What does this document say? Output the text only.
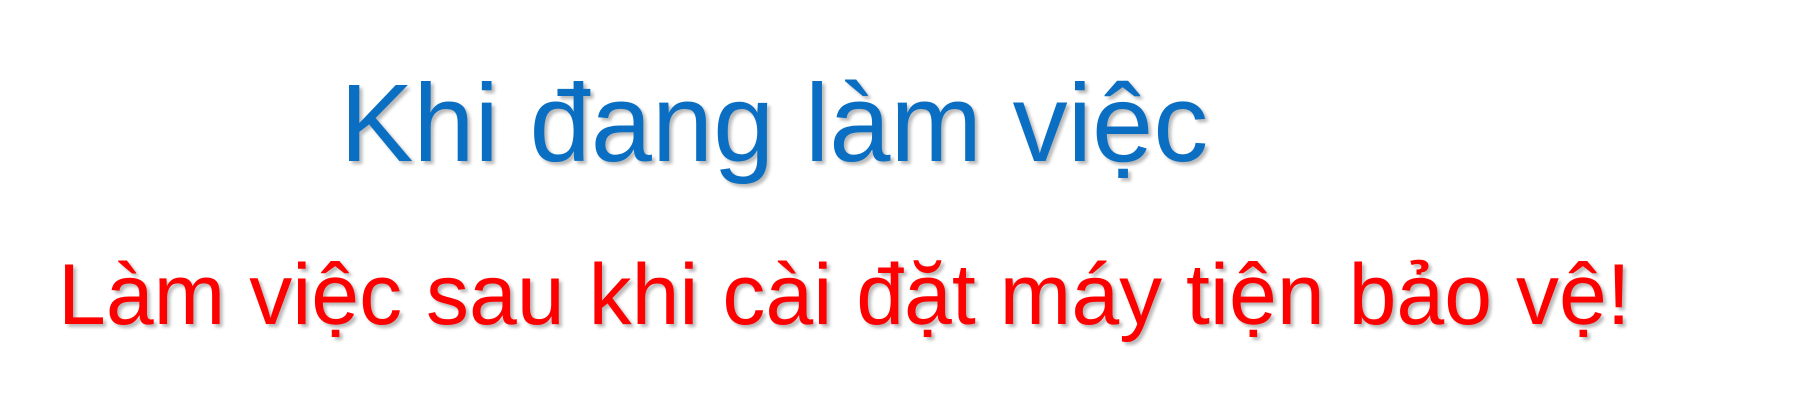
Khi đang làm việc

Làm việc sau khi cài đặt máy tiện bảo vệ!
